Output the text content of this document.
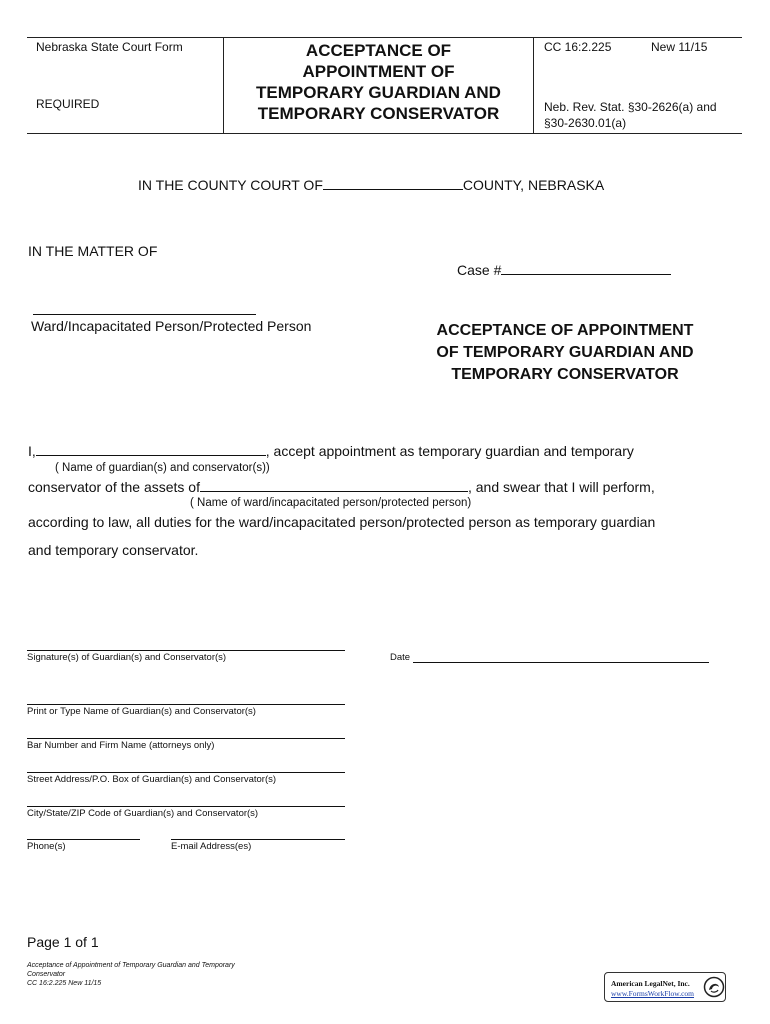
Nebraska State Court Form
REQUIRED
ACCEPTANCE OF
APPOINTMENT OF
TEMPORARY GUARDIAN AND
TEMPORARY CONSERVATOR
CC 16:2.225	New 11/15
Neb. Rev. Stat. §30-2626(a) and
§30-2630.01(a)
IN THE COUNTY COURT OF	COUNTY, NEBRASKA
IN THE MATTER OF
Case #
Ward/Incapacitated Person/Protected Person	ACCEPTANCE OF APPOINTMENT
OF TEMPORARY GUARDIAN AND
TEMPORARY CONSERVATOR
I,	, accept appointment as temporary guardian and temporary
( Name of guardian(s) and conservator(s))
conservator of the assets of	, and swear that I will perform,
( Name of ward/incapacitated person/protected person)
according to law, all duties for the ward/incapacitated person/protected person as temporary guardian
and temporary conservator.
Signature(s) of Guardian(s) and Conservator(s)	Date
Print or Type Name of Guardian(s) and Conservator(s)
Bar Number and Firm Name (attorneys only)
Street Address/P.O. Box of Guardian(s) and Conservator(s)
City/State/ZIP Code of Guardian(s) and Conservator(s)
Phone(s)	E-mail Address(es)
Page 1 of 1
Acceptance of Appointment of Temporary Guardian and Temporary
Conservator
CC 16:2.225 New 11/15	American LegalNet, Inc.
www.FormsWorkFlow.com
